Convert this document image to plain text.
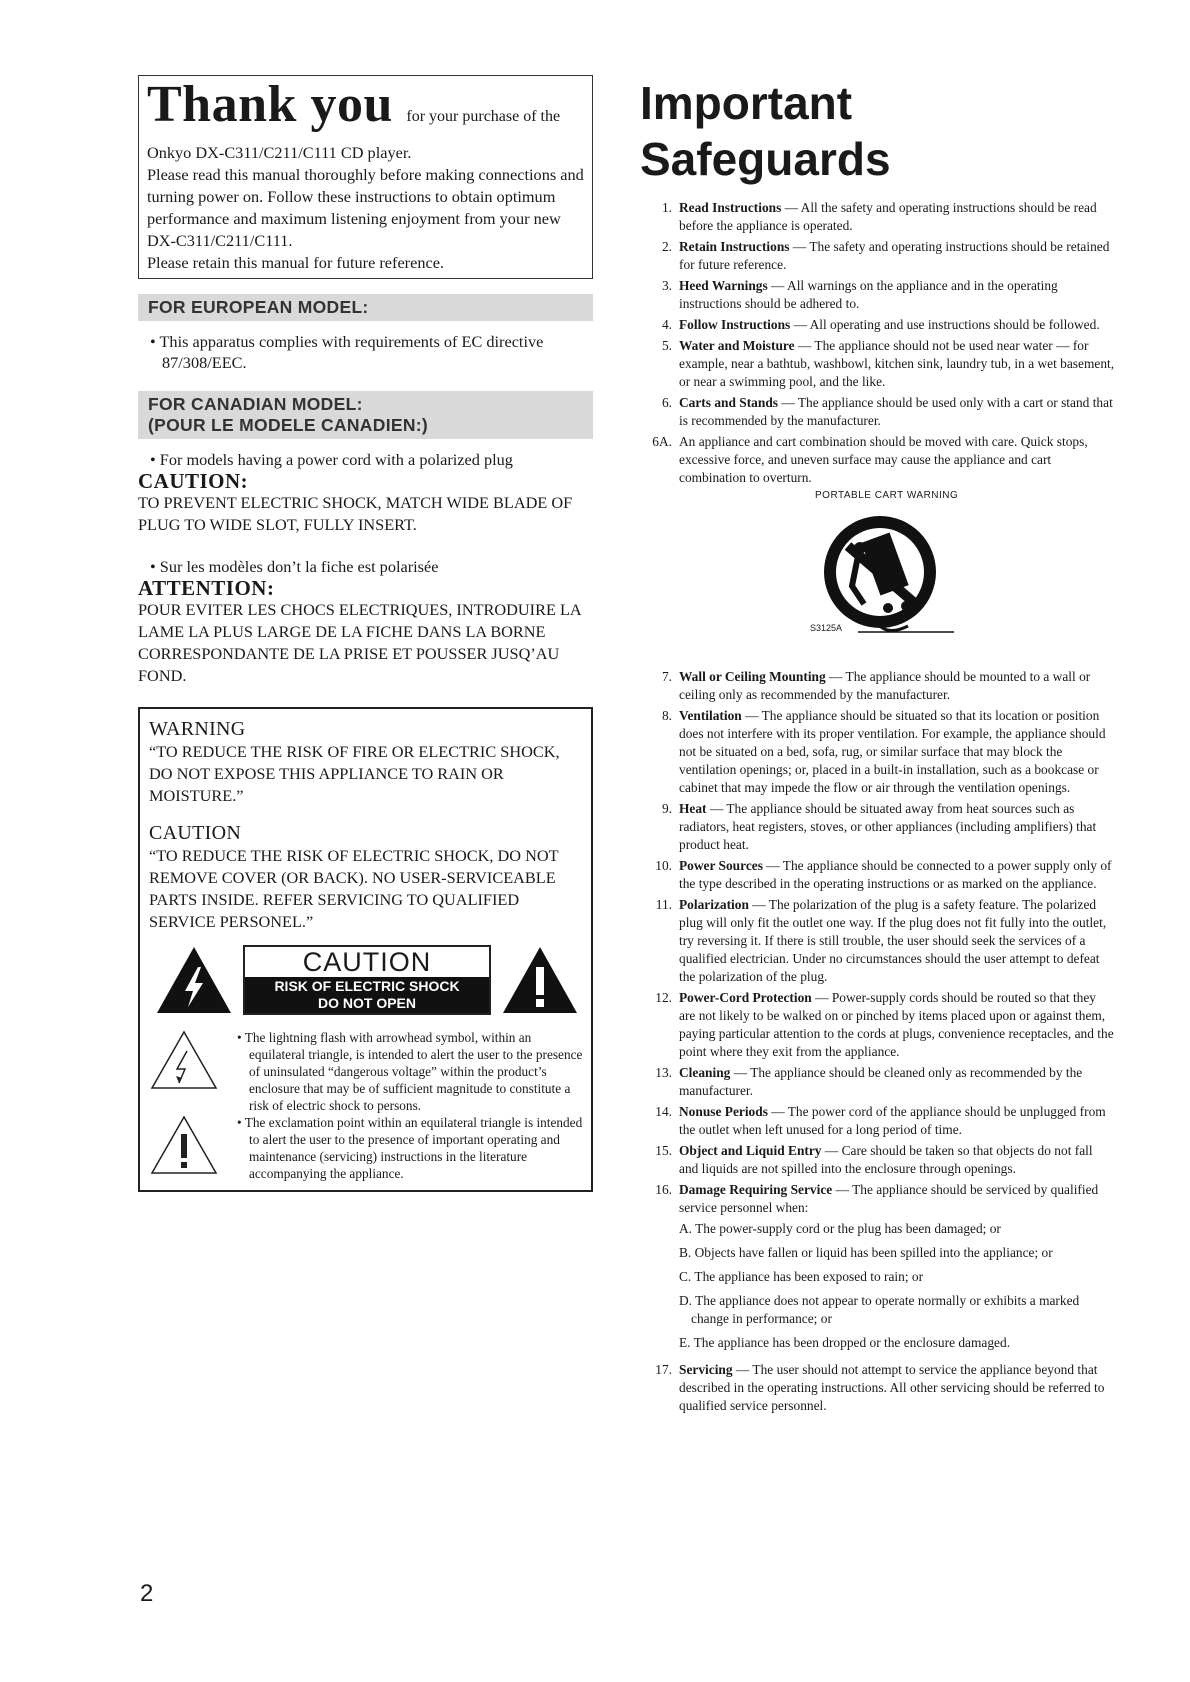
Thank you for your purchase of the

Onkyo DX-C311/C211/C111 CD player.

Please read this manual thoroughly before making connections and turning power on. Follow these instructions to obtain optimum performance and maximum listening enjoyment from your new DX-C311/C211/C111.

Please retain this manual for future reference.

FOR EUROPEAN MODEL:

• This apparatus complies with requirements of EC directive 87/308/EEC.

FOR CANADIAN MODEL:
(POUR LE MODELE CANADIEN:)

• For models having a power cord with a polarized plug

CAUTION:

TO PREVENT ELECTRIC SHOCK, MATCH WIDE BLADE OF PLUG TO WIDE SLOT, FULLY INSERT.

• Sur les modèles don’t la fiche est polarisée

ATTENTION:

POUR EVITER LES CHOCS ELECTRIQUES, INTRODUIRE LA LAME LA PLUS LARGE DE LA FICHE DANS LA BORNE CORRESPONDANTE DE LA PRISE ET POUSSER JUSQ’AU FOND.

WARNING

“TO REDUCE THE RISK OF FIRE OR ELECTRIC SHOCK, DO NOT EXPOSE THIS APPLIANCE TO RAIN OR MOISTURE.”

CAUTION

“TO REDUCE THE RISK OF ELECTRIC SHOCK, DO NOT REMOVE COVER (OR BACK). NO USER-SERVICEABLE PARTS INSIDE. REFER SERVICING TO QUALIFIED SERVICE PERSONEL.”

CAUTION
RISK OF ELECTRIC SHOCK
DO NOT OPEN

• The lightning flash with arrowhead symbol, within an equilateral triangle, is intended to alert the user to the presence of uninsulated “dangerous voltage” within the product’s enclosure that may be of sufficient magnitude to constitute a risk of electric shock to persons.

• The exclamation point within an equilateral triangle is intended to alert the user to the presence of important operating and maintenance (servicing) instructions in the literature accompanying the appliance.

Important
Safeguards
1. Read Instructions — All the safety and operating instructions should be read before the appliance is operated.
2. Retain Instructions — The safety and operating instructions should be retained for future reference.
3. Heed Warnings — All warnings on the appliance and in the operating instructions should be adhered to.
4. Follow Instructions — All operating and use instructions should be followed.
5. Water and Moisture — The appliance should not be used near water — for example, near a bathtub, washbowl, kitchen sink, laundry tub, in a wet basement, or near a swimming pool, and the like.
6. Carts and Stands — The appliance should be used only with a cart or stand that is recommended by the manufacturer.
6A. An appliance and cart combination should be moved with care. Quick stops, excessive force, and uneven surface may cause the appliance and cart combination to overturn.
PORTABLE CART WARNING
S3125A
7. Wall or Ceiling Mounting — The appliance should be mounted to a wall or ceiling only as recommended by the manufacturer.
8. Ventilation — The appliance should be situated so that its location or position does not interfere with its proper ventilation. For example, the appliance should not be situated on a bed, sofa, rug, or similar surface that may block the ventilation openings; or, placed in a built-in installation, such as a bookcase or cabinet that may impede the flow or air through the ventilation openings.
9. Heat — The appliance should be situated away from heat sources such as radiators, heat registers, stoves, or other appliances (including amplifiers) that product heat.
10. Power Sources — The appliance should be connected to a power supply only of the type described in the operating instructions or as marked on the appliance.
11. Polarization — The polarization of the plug is a safety feature. The polarized plug will only fit the outlet one way. If the plug does not fit fully into the outlet, try reversing it. If there is still trouble, the user should seek the services of a qualified electrician. Under no circumstances should the user attempt to defeat the polarization of the plug.
12. Power-Cord Protection — Power-supply cords should be routed so that they are not likely to be walked on or pinched by items placed upon or against them, paying particular attention to the cords at plugs, convenience receptacles, and the point where they exit from the appliance.
13. Cleaning — The appliance should be cleaned only as recommended by the manufacturer.
14. Nonuse Periods — The power cord of the appliance should be unplugged from the outlet when left unused for a long period of time.
15. Object and Liquid Entry — Care should be taken so that objects do not fall and liquids are not spilled into the enclosure through openings.
16. Damage Requiring Service — The appliance should be serviced by qualified service personnel when:
A. The power-supply cord or the plug has been damaged; or
B. Objects have fallen or liquid has been spilled into the appliance; or
C. The appliance has been exposed to rain; or
D. The appliance does not appear to operate normally or exhibits a marked change in performance; or
E. The appliance has been dropped or the enclosure damaged.
17. Servicing — The user should not attempt to service the appliance beyond that described in the operating instructions. All other servicing should be referred to qualified service personnel.
2
